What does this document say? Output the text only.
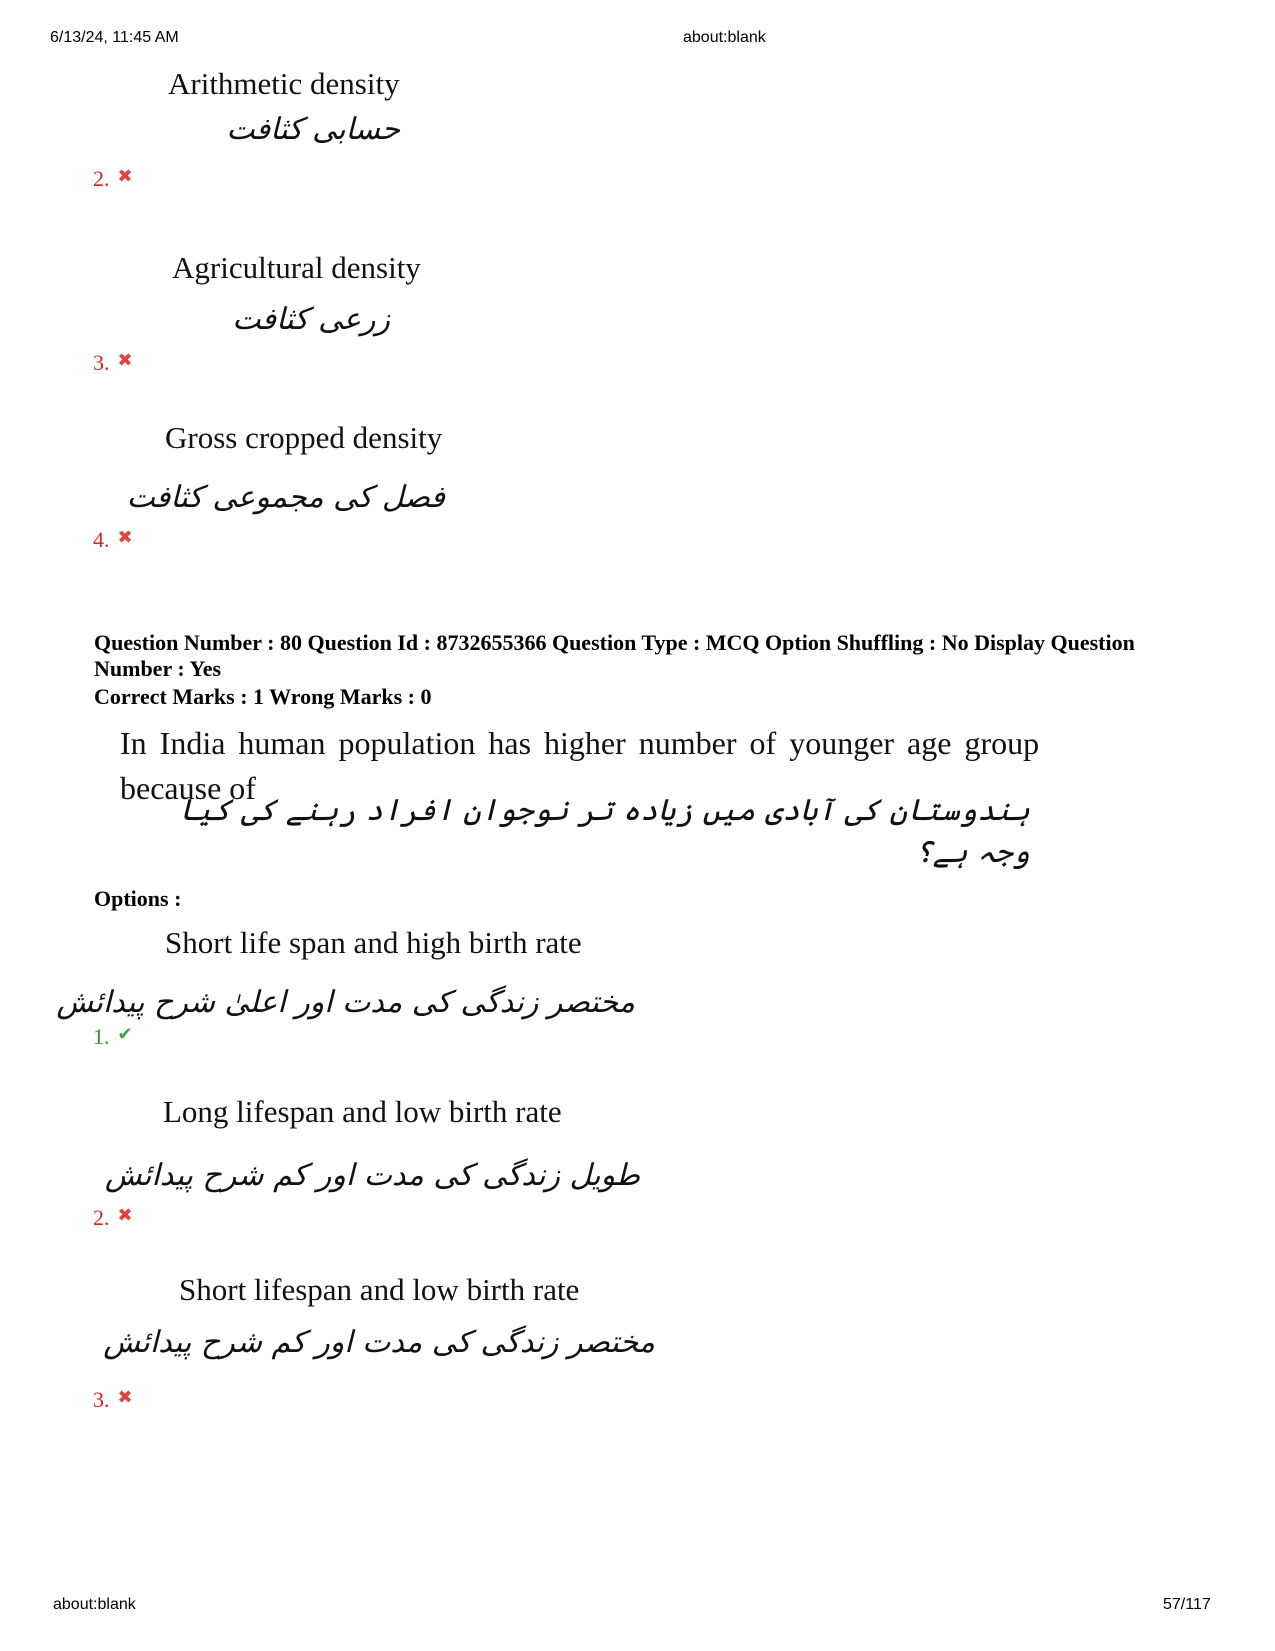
6/13/24, 11:45 AM	about:blank
Arithmetic density
حسابی کثافت
2. ✖
Agricultural density
زرعی کثافت
3. ✖
Gross cropped density
فصل کی مجموعی کثافت
4. ✖
Question Number : 80 Question Id : 8732655366 Question Type : MCQ Option Shuffling : No Display Question
Number : Yes
Correct Marks : 1 Wrong Marks : 0
In India human population has higher number of younger age group
because of
ہندوستان کی آبادی میں زیادہ تر نوجوان افراد رہنے کی کیا وجہ ہے؟
Options :
Short life span and high birth rate
مختصر زندگی کی مدت اور اعلیٰ شرح پیدائش
1. ✔
Long lifespan and low birth rate
طویل زندگی کی مدت اور کم شرح پیدائش
2. ✖
Short lifespan and low birth rate
مختصر زندگی کی مدت اور کم شرح پیدائش
3. ✖
about:blank	57/117
